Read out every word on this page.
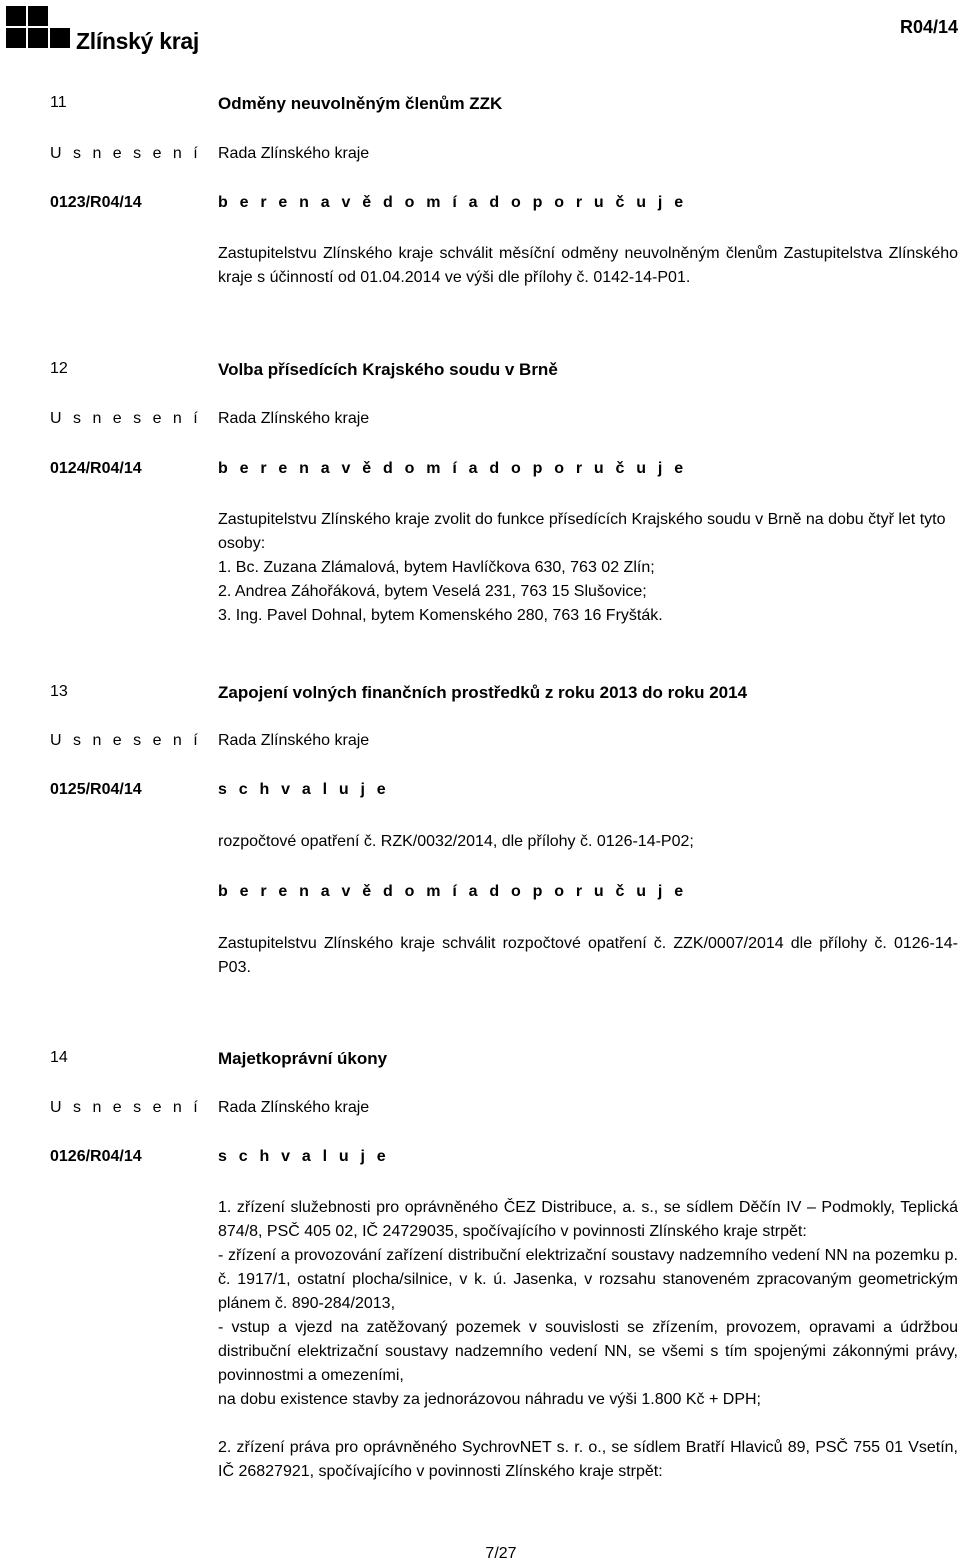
Zlínský kraj
R04/14
11	Odměny neuvolněným členům ZZK
U s n e s e n í Rada Zlínského kraje
0123/R04/14	b e r e n a v ě d o m í a d o p o r u č u j e
Zastupitelstvu Zlínského kraje schválit měsíční odměny neuvolněným členům Zastupitelstva Zlínského kraje s účinností od 01.04.2014 ve výši dle přílohy č. 0142-14-P01.
12	Volba přísedících Krajského soudu v Brně
U s n e s e n í Rada Zlínského kraje
0124/R04/14	b e r e n a v ě d o m í a d o p o r u č u j e
Zastupitelstvu Zlínského kraje zvolit do funkce přísedících Krajského soudu v Brně na dobu čtyř let tyto osoby:
1. Bc. Zuzana Zlámalová, bytem Havlíčkova 630, 763 02 Zlín;
2. Andrea Záhořáková, bytem Veselá 231, 763 15 Slušovice;
3. Ing. Pavel Dohnal, bytem Komenského 280, 763 16 Fryšták.
13	Zapojení volných finančních prostředků z roku 2013 do roku 2014
U s n e s e n í Rada Zlínského kraje
0125/R04/14	s c h v a l u j e
rozpočtové opatření č. RZK/0032/2014, dle přílohy č. 0126-14-P02;
b e r e n a v ě d o m í a d o p o r u č u j e
Zastupitelstvu Zlínského kraje schválit rozpočtové opatření č. ZZK/0007/2014 dle přílohy č. 0126-14-P03.
14	Majetkoprávní úkony
U s n e s e n í Rada Zlínského kraje
0126/R04/14	s c h v a l u j e
1. zřízení služebnosti pro oprávněného ČEZ Distribuce, a. s., se sídlem Děčín IV – Podmokly, Teplická 874/8, PSČ 405 02, IČ 24729035, spočívajícího v povinnosti Zlínského kraje strpět:
- zřízení a provozování zařízení distribuční elektrizační soustavy nadzemního vedení NN na pozemku p. č. 1917/1, ostatní plocha/silnice, v k. ú. Jasenka, v rozsahu stanoveném zpracovaným geometrickým plánem č. 890-284/2013,
- vstup a vjezd na zatěžovaný pozemek v souvislosti se zřízením, provozem, opravami a údržbou distribuční elektrizační soustavy nadzemního vedení NN, se všemi s tím spojenými zákonnými právy, povinnostmi a omezeními,
na dobu existence stavby za jednorázovou náhradu ve výši 1.800 Kč + DPH;
2. zřízení práva pro oprávněného SychrovNET s. r. o., se sídlem Bratří Hlaviců 89, PSČ 755 01 Vsetín, IČ 26827921, spočívajícího v povinnosti Zlínského kraje strpět:
7/27
